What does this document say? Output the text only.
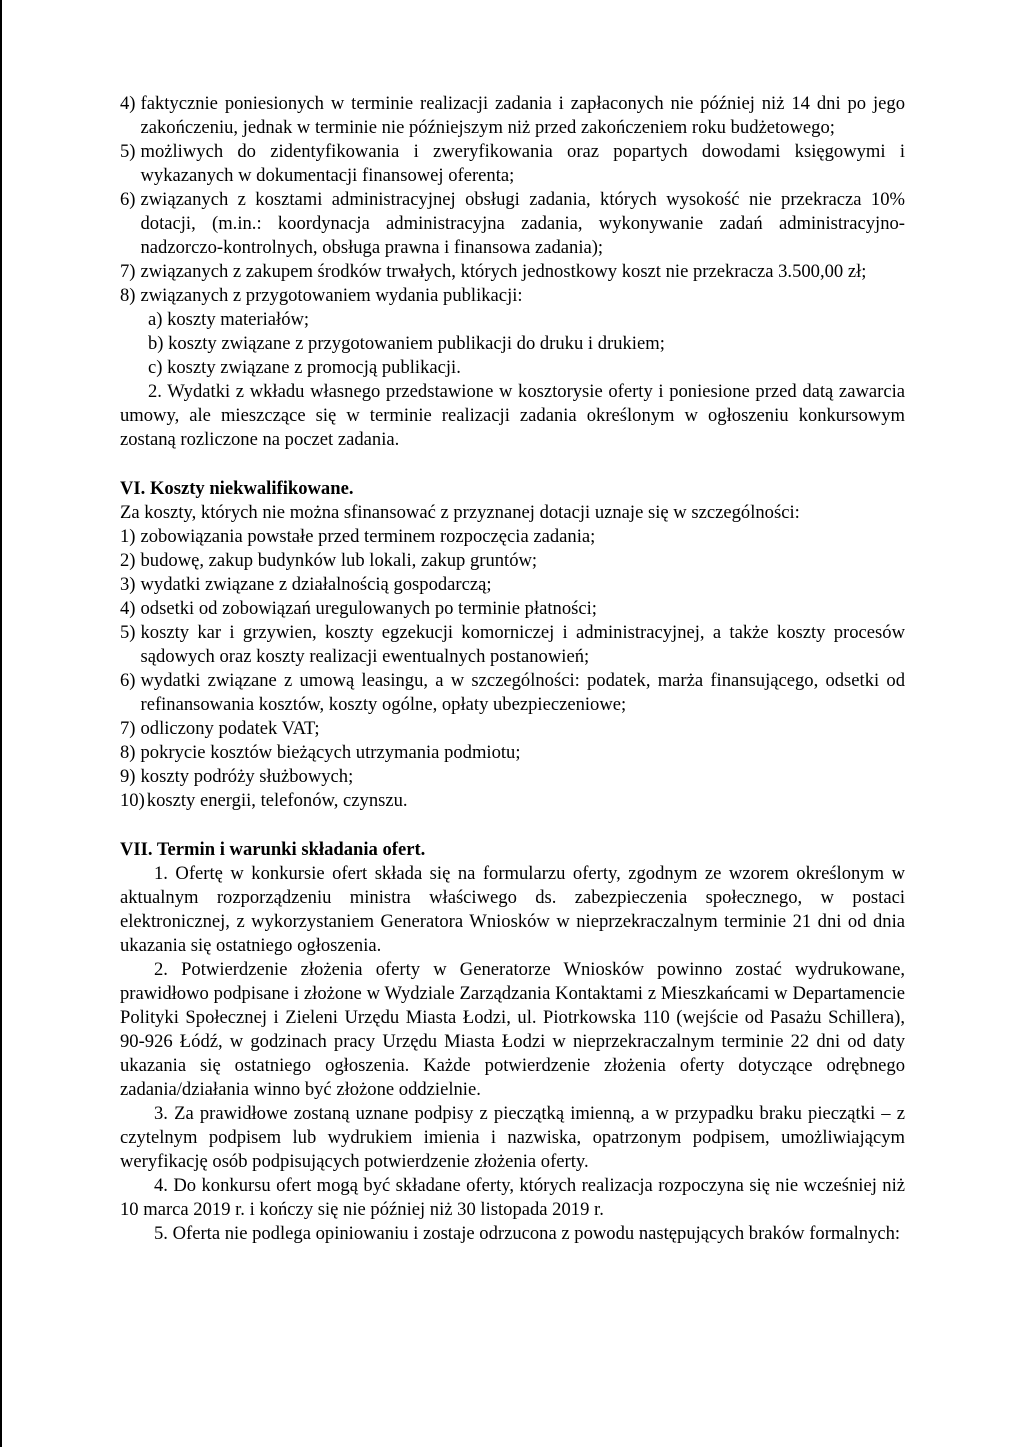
4) faktycznie poniesionych w terminie realizacji zadania i zapłaconych nie później niż 14 dni po jego zakończeniu, jednak w terminie nie późniejszym niż przed zakończeniem roku budżetowego;
5) możliwych do zidentyfikowania i zweryfikowania oraz popartych dowodami księgowymi i wykazanych w dokumentacji finansowej oferenta;
6) związanych z kosztami administracyjnej obsługi zadania, których wysokość nie przekracza 10% dotacji, (m.in.: koordynacja administracyjna zadania, wykonywanie zadań administracyjno-nadzorczo-kontrolnych, obsługa prawna i finansowa zadania);
7) związanych z zakupem środków trwałych, których jednostkowy koszt nie przekracza 3.500,00 zł;
8) związanych z przygotowaniem wydania publikacji:

a) koszty materiałów;

b) koszty związane z przygotowaniem publikacji do druku i drukiem;

c) koszty związane z promocją publikacji.

2. Wydatki z wkładu własnego przedstawione w kosztorysie oferty i poniesione przed datą zawarcia umowy, ale mieszczące się w terminie realizacji zadania określonym w ogłoszeniu konkursowym zostaną rozliczone na poczet zadania.

VI. Koszty niekwalifikowane.

Za koszty, których nie można sfinansować z przyznanej dotacji uznaje się w szczególności:

1) zobowiązania powstałe przed terminem rozpoczęcia zadania;
2) budowę, zakup budynków lub lokali, zakup gruntów;
3) wydatki związane z działalnością gospodarczą;
4) odsetki od zobowiązań uregulowanych po terminie płatności;
5) koszty kar i grzywien, koszty egzekucji komorniczej i administracyjnej, a także koszty procesów sądowych oraz koszty realizacji ewentualnych postanowień;
6) wydatki związane z umową leasingu, a w szczególności: podatek, marża finansującego, odsetki od refinansowania kosztów, koszty ogólne, opłaty ubezpieczeniowe;
7) odliczony podatek VAT;
8) pokrycie kosztów bieżących utrzymania podmiotu;
9) koszty podróży służbowych;
10) koszty energii, telefonów, czynszu.

VII. Termin i warunki składania ofert.

1. Ofertę w konkursie ofert składa się na formularzu oferty, zgodnym ze wzorem określonym w aktualnym rozporządzeniu ministra właściwego ds. zabezpieczenia społecznego, w postaci elektronicznej, z wykorzystaniem Generatora Wniosków w nieprzekraczalnym terminie 21 dni od dnia ukazania się ostatniego ogłoszenia.

2. Potwierdzenie złożenia oferty w Generatorze Wniosków powinno zostać wydrukowane, prawidłowo podpisane i złożone w Wydziale Zarządzania Kontaktami z Mieszkańcami w Departamencie Polityki Społecznej i Zieleni Urzędu Miasta Łodzi, ul. Piotrkowska 110 (wejście od Pasażu Schillera), 90-926 Łódź, w godzinach pracy Urzędu Miasta Łodzi w nieprzekraczalnym terminie 22 dni od daty ukazania się ostatniego ogłoszenia. Każde potwierdzenie złożenia oferty dotyczące odrębnego zadania/działania winno być złożone oddzielnie.

3. Za prawidłowe zostaną uznane podpisy z pieczątką imienną, a w przypadku braku pieczątki – z czytelnym podpisem lub wydrukiem imienia i nazwiska, opatrzonym podpisem, umożliwiającym weryfikację osób podpisujących potwierdzenie złożenia oferty.

4. Do konkursu ofert mogą być składane oferty, których realizacja rozpoczyna się nie wcześniej niż 10 marca 2019 r. i kończy się nie później niż 30 listopada 2019 r.

5. Oferta nie podlega opiniowaniu i zostaje odrzucona z powodu następujących braków formalnych:
